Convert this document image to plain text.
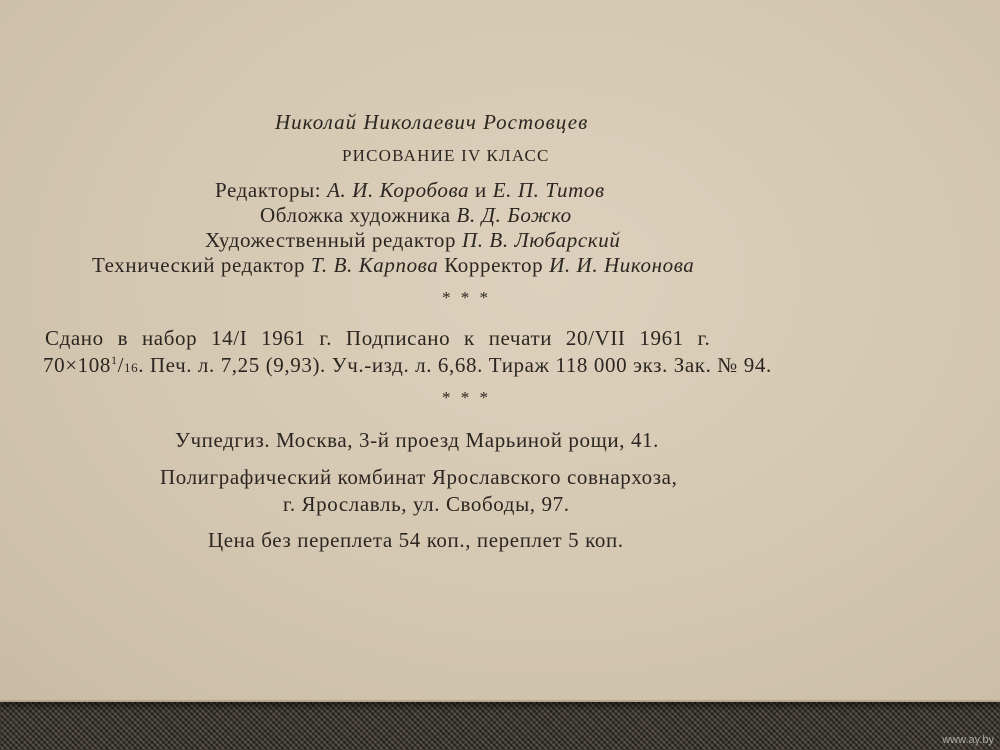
Николай Николаевич Ростовцев
РИСОВАНИЕ IV КЛАСС
Редакторы: А. И. Коробова и Е. П. Титов
Обложка художника В. Д. Божко
Художественный редактор П. В. Любарский
Технический редактор Т. В. Карпова Корректор И. И. Никонова
* * *
Сдано в набор 14/I 1961 г. Подписано к печати 20/VII 1961 г.
$70\times 108^1/16$. Печ. л. 7,25 (9,93). Уч.-изд. л. 6,68. Тираж 118 000 экз. Зак. № 94.
* * *
Учпедгиз. Москва, 3-й проезд Марьиной рощи, 41.
Полиграфический комбинат Ярославского совнархоза,
г. Ярославль, ул. Свободы, 97.
Цена без переплета 54 коп., переплет 5 коп.
www.ay.by
